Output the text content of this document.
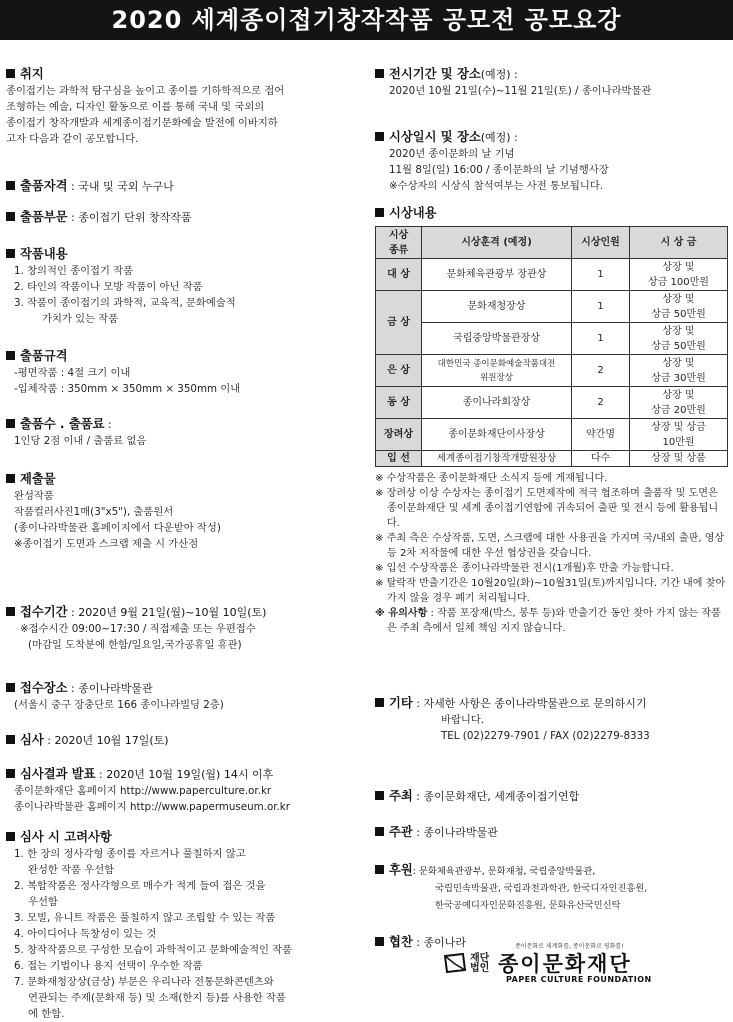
2020 세계종이접기창작작품 공모전 공모요강
취지
종이접기는 과학적 탐구심을 높이고 종이를 기하학적으로 접어
조형하는 예술, 디자인 활동으로 이를 통해 국내 및 국외의
종이접기 창작개발과 세계종이접기문화예술 발전에 이바지하
고자 다음과 같이 공모합니다.
출품자격 : 국내 및 국외 누구나
출품부문 : 종이접기 단위 창작작품
작품내용
1. 창의적인 종이접기 작품
2. 타인의 작품이나 모방 작품이 아닌 작품
3. 작품이 종이접기의 과학적, 교육적, 문화예술적
가치가 있는 작품
출품규격
-평면작품 : 4절 크기 이내
-입체작품 : 350mm × 350mm × 350mm 이내
출품수 . 출품료 :
1인당 2점 이내 / 출품료 없음
제출물
완성작품
작품컬러사진1매(3"x5"), 출품원서
(종이나라박물관 홈페이지에서 다운받아 작성)
※종이접기 도면과 스크랩 제출 시 가산점
접수기간 : 2020년 9월 21일(월)~10월 10일(토)
※접수시간 09:00~17:30 / 직접제출 또는 우편접수
(마감일 도착분에 한함/일요일,국가공휴일 휴관)
접수장소 : 종이나라박물관
(서울시 중구 장충단로 166 종이나라빌딩 2층)
심사 : 2020년 10월 17일(토)
심사결과 발표 : 2020년 10월 19일(월) 14시 이후
종이문화재단 홈페이지 http://www.paperculture.or.kr
종이나라박물관 홈페이지 http://www.papermuseum.or.kr
심사 시 고려사항
1. 한 장의 정사각형 종이를 자르거나 풀칠하지 않고
완성한 작품 우선함
2. 복합작품은 정사각형으로 매수가 적게 들여 접은 것을
우선함
3. 모빌, 유니트 작품은 풀칠하지 않고 조립할 수 있는 작품
4. 아이디어나 독창성이 있는 것
5. 창작작품으로 구성한 모습이 과학적이고 문화예술적인 작품
6. 접는 기법이나 용지 선택이 우수한 작품
7. 문화재청장상(금상) 부문은 우리나라 전통문화콘텐츠와
연관되는 주제(문화재 등) 및 소재(한지 등)를 사용한 작품
에 한함.
전시기간 및 장소(예정) :
2020년 10월 21일(수)~11월 21일(토) / 종이나라박물관
시상일시 및 장소(예정) :
2020년 종이문화의 날 기념
11월 8일(일) 16:00 / 종이문화의 날 기념행사장
※수상자의 시상식 참석여부는 사전 통보됩니다.
시상내용
시상
종류	시상훈격 (예정)	시상인원	시 상 금
대 상	문화체육관광부 장관상	1	상장 및
상금 100만원
금 상	문화재청장상	1	상장 및
상금 50만원
	국립중앙박물관장상	1	상장 및
상금 50만원
은 상	대한민국 종이문화예술작품대전
위원장상	2	상장 및
상금 30만원
동 상	종이나라회장상	2	상장 및
상금 20만원
장려상	종이문화재단이사장상	약간명	상장 및 상금
10만원
입 선	세계종이접기창작개발원장상	다수	상장 및 상품
※ 수상작품은 종이문화재단 소식지 등에 게재됩니다.
※ 장려상 이상 수상자는 종이접기 도면제작에 적극 협조하며 출품작 및 도면은 종이문화재단 및 세계 종이접기연합에 귀속되어 출판 및 전시 등에 활용됩니다.
※ 주최 측은 수상작품, 도면, 스크랩에 대한 사용권을 가지며 국/내외 출판, 영상 등 2차 저작물에 대한 우선 협상권을 갖습니다.
※ 입선 수상작품은 종이나라박물관 전시(1개월)후 반출 가능합니다.
※ 탈락작 반출기간은 10월20일(화)~10월31일(토)까지입니다. 기간 내에 찾아 가지 않을 경우 폐기 처리됩니다.
※ 유의사항 : 작품 포장재(박스, 봉투 등)와 반출기간 동안 찾아 가지 않는 작품은 주최 측에서 일체 책임 지지 않습니다.
기타 : 자세한 사항은 종이나라박물관으로 문의하시기
바랍니다.
TEL (02)2279-7901 / FAX (02)2279-8333
주최 : 종이문화재단, 세계종이접기연합
주관 : 종이나라박물관
후원: 문화체육관광부, 문화재청, 국립중앙박물관,
국립민속박물관, 국립과천과학관, 한국디자인진흥원,
한국공예디자인문화진흥원, 문화유산국민신탁
협찬 : 종이나라	종이문화로 세계화를, 종이문화로 평화를!
재단
법인 종이문화재단
PAPER CULTURE FOUNDATION
